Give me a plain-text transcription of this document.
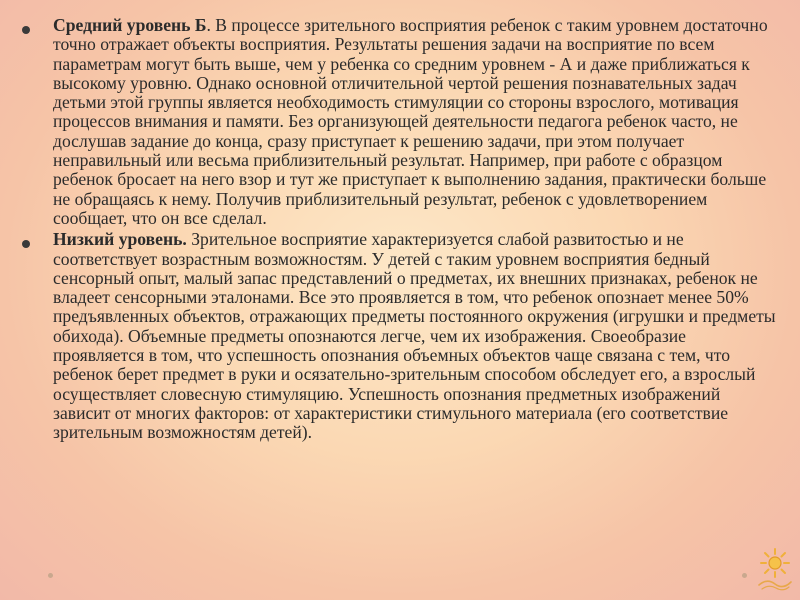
Средний уровень Б. В процессе зрительного восприятия ребенок с таким уровнем достаточно точно отражает объекты восприятия. Результаты решения задачи на восприятие по всем параметрам могут быть выше, чем у ребенка со средним уровнем - А и даже приближаться к высокому уровню. Однако основной отличительной чертой решения познавательных задач детьми этой группы является необходимость стимуляции со стороны взрослого, мотивация процессов внимания и памяти. Без организующей деятельности педагога ребенок часто, не дослушав задание до конца, сразу приступает к решению задачи, при этом получает неправильный или весьма приблизительный результат. Например, при работе с образцом ребенок бросает на него взор и тут же приступает к выполнению задания, практически больше не обращаясь к нему. Получив приблизительный результат, ребенок с удовлетворением сообщает, что он все сделал.
Низкий уровень. Зрительное восприятие характеризуется слабой развитостью и не соответствует возрастным возможностям. У детей с таким уровнем восприятия бедный сенсорный опыт, малый запас представлений о предметах, их внешних признаках, ребенок не владеет сенсорными эталонами. Все это проявляется в том, что ребенок опознает менее 50% предъявленных объектов, отражающих предметы постоянного окружения (игрушки и предметы обихода). Объемные предметы опознаются легче, чем их изображения. Своеобразие проявляется в том, что успешность опознания объемных объектов чаще связана с тем, что ребенок берет предмет в руки и осязательно-зрительным способом обследует его, а взрослый осуществляет словесную стимуляцию. Успешность опознания предметных изображений зависит от многих факторов: от характеристики стимульного материала (его соответствие зрительным возможностям детей).
